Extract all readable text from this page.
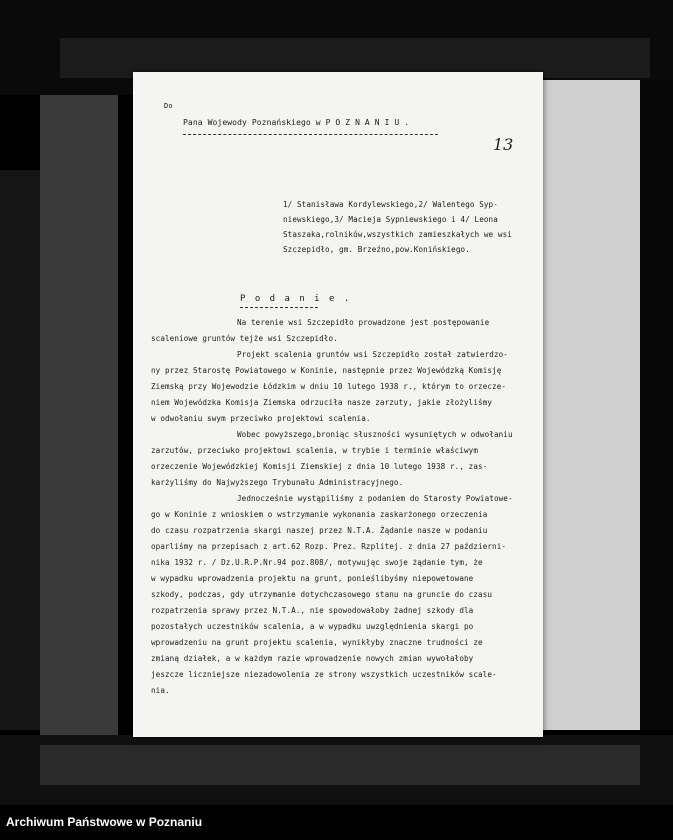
Do
Pana Wojewody Poznańskiego w P O Z N A N I U .
13
1/ Stanisława Kordylewskiego,2/ Walentego Syp-
niewskiego,3/ Macieja Sypniewskiego i 4/ Leona
Staszaka,rolników,wszystkich zamieszkałych we wsi
Szczepidło, gm. Brzeźno,pow.Konińskiego.
P o d a n i e .
Na terenie wsi Szczepidło prowadzone jest postępowanie
scaleniowe gruntów tejże wsi Szczepidło.
Projekt scalenia gruntów wsi Szczepidło został zatwierdzo-
ny przez Starostę Powiatowego w Koninie, następnie przez Wojewódzką Komisję
Ziemską przy Wojewodzie Łódzkim w dniu 10 lutego 1938 r., którym to orzecze-
niem Wojewódzka Komisja Ziemska odrzuciła nasze zarzuty, jakie złożyliśmy
w odwołaniu swym przeciwko projektowi scalenia.
Wobec powyższego,broniąc słuszności wysuniętych w odwołaniu
zarzutów, przeciwko projektowi scalenia, w trybie i terminie właściwym
orzeczenie Wojewódzkiej Komisji Ziemskiej z dnia 10 lutego 1938 r., zas-
karżyliśmy do Najwyższego Trybunału Administracyjnego.
Jednocześnie wystąpiliśmy z podaniem do Starosty Powiatowe-
go w Koninie z wnioskiem o wstrzymanie wykonania zaskarżonego orzeczenia
do czasu rozpatrzenia skargi naszej przez N.T.A. Żądanie nasze w podaniu
oparliśmy na przepisach z art.62 Rozp. Prez. Rzplitej. z dnia 27 październi-
nika 1932 r. / Dz.U.R.P.Nr.94 poz.808/, motywując swoje żądanie tym, że
w wypadku wprowadzenia projektu na grunt, ponieślibyśmy niepowetowane
szkody, podczas, gdy utrzymanie dotychczasowego stanu na gruncie do czasu
rozpatrzenia sprawy przez N.T.A., nie spowodowałoby żadnej szkody dla
pozostałych uczestników scalenia, a w wypadku uwzględnienia skargi po
wprowadzeniu na grunt projektu scalenia, wynikłyby znaczne trudności ze
zmianą działek, a w każdym razie wprowadzenie nowych zmian wywołałoby
jeszcze liczniejsze niezadowolenia ze strony wszystkich uczestników scale-
nia.
Archiwum Państwowe w Poznaniu
